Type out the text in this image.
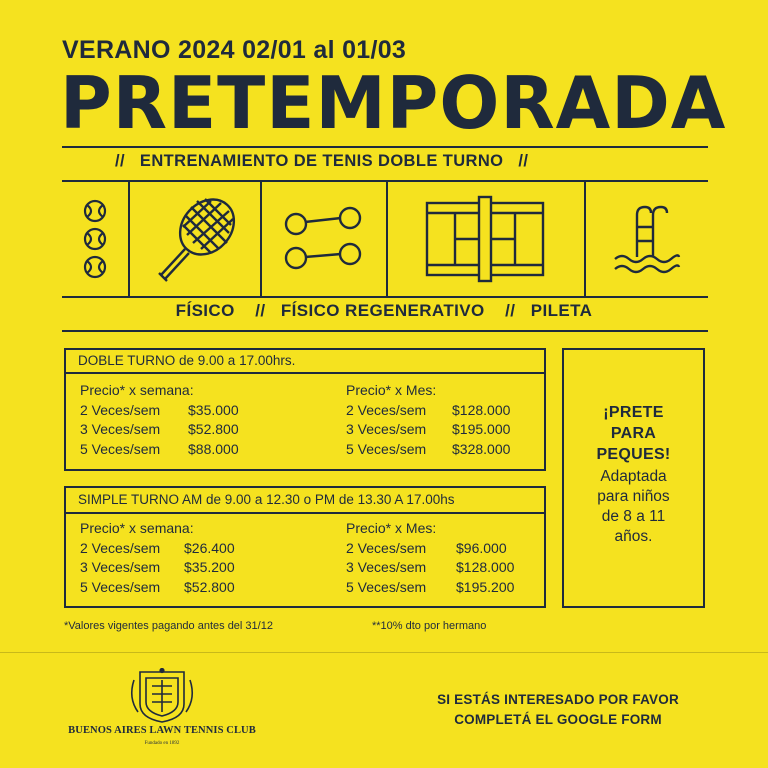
VERANO 2024 02/01 al 01/03
PRETEMPORADA
// ENTRENAMIENTO DE TENIS DOBLE TURNO //
FÍSICO // FÍSICO REGENERATIVO // PILETA
DOBLE TURNO de 9.00 a 17.00hrs.
Precio* x semana:
2 Veces/sem	$35.000
3 Veces/sem	$52.800
5 Veces/sem	$88.000
Precio* x Mes:
2 Veces/sem	$128.000
3 Veces/sem	$195.000
5 Veces/sem	$328.000
SIMPLE TURNO AM de 9.00 a 12.30 o PM de 13.30 A 17.00hs
Precio* x semana:
2 Veces/sem	$26.400
3 Veces/sem	$35.200
5 Veces/sem	$52.800
Precio* x Mes:
2 Veces/sem	$96.000
3 Veces/sem	$128.000
5 Veces/sem	$195.200
¡PRETE
PARA
PEQUES!
Adaptada
para niños
de 8 a 11
años.
*Valores vigentes pagando antes del 31/12	**10% dto por hermano
BUENOS AIRES LAWN TENNIS CLUB
Fundado en 1892
SI ESTÁS INTERESADO POR FAVOR
COMPLETÁ EL GOOGLE FORM
